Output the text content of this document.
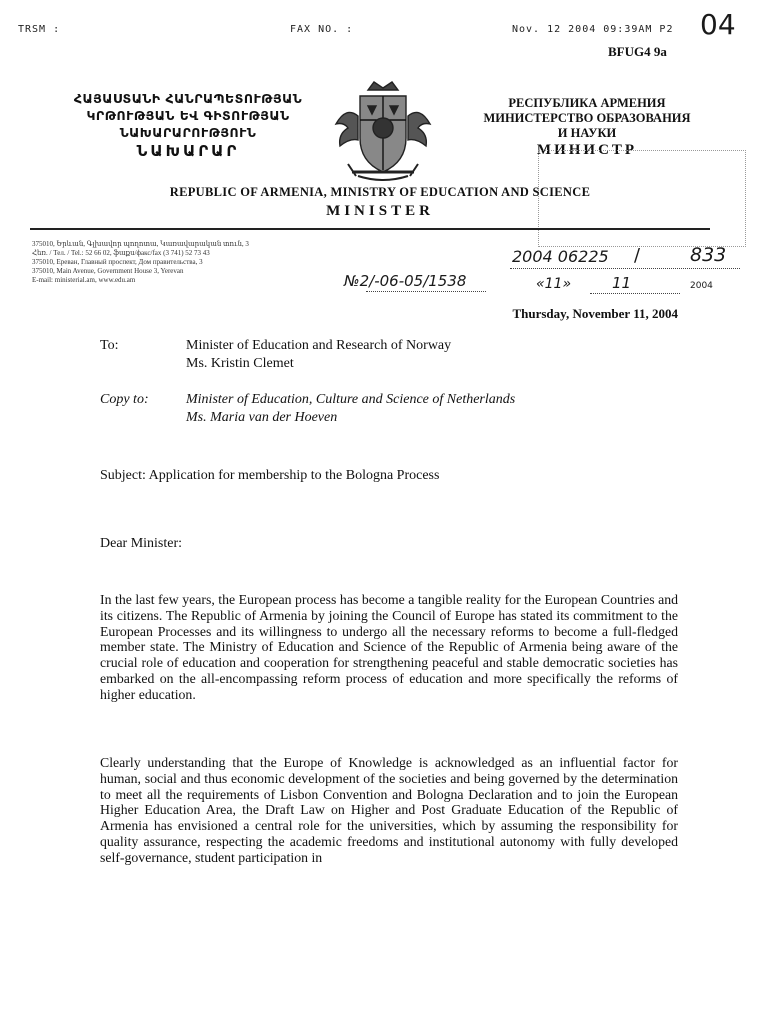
TRSM :	FAX NO. :	Nov. 12 2004 09:39AM P2 04
BFUG4 9a
ՀԱՅԱՍՏԱՆԻ ՀԱՆՐԱՊԵՏՈՒԹՅԱՆ
ԿՐԹՈՒԹՅԱՆ ԵՎ ԳԻՏՈՒԹՅԱՆ
ՆԱԽԱՐԱՐՈՒԹՅՈՒՆ
ՆԱԽԱՐԱՐ
РЕСПУБЛИКА АРМЕНИЯ
МИНИСТЕРСТВО ОБРАЗОВАНИЯ
И НАУКИ
МИНИСТР
REPUBLIC OF ARMENIA, MINISTRY OF EDUCATION AND SCIENCE
MINISTER
375010, Երևան, Գլխավոր պողոտա, Կառավարական տուն, 3
Հեռ. / Тел. / Tel.: 52 66 02, ֆաքս/факс/fax (3 741) 52 73 43
375010, Ереван, Главный проспект, Дом правительства, 3
375010, Main Avenue, Government House 3, Yerevan
E-mail: ministerial.am, www.edu.am	№2/-06-05/1538
2004 06225 /	833
«11»	11	2004
Thursday, November 11, 2004
To:	Minister of Education and Research of Norway
Ms. Kristin Clemet
Copy to:	Minister of Education, Culture and Science of Netherlands
Ms. Maria van der Hoeven
Subject: Application for membership to the Bologna Process
Dear Minister:
In the last few years, the European process has become a tangible reality for the European Countries and its citizens. The Republic of Armenia by joining the Council of Europe has stated its commitment to the European Processes and its willingness to undergo all the necessary reforms to become a full-fledged member state. The Ministry of Education and Science of the Republic of Armenia being aware of the crucial role of education and cooperation for strengthening peaceful and stable democratic societies has embarked on the all-encompassing reform process of education and more specifically the reforms of higher education.
Clearly understanding that the Europe of Knowledge is acknowledged as an influential factor for human, social and thus economic development of the societies and being governed by the determination to meet all the requirements of Lisbon Convention and Bologna Declaration and to join the European Higher Education Area, the Draft Law on Higher and Post Graduate Education of the Republic of Armenia has envisioned a central role for the universities, which by assuming the responsibility for quality assurance, respecting the academic freedoms and institutional autonomy with fully developed self-governance, student participation in
